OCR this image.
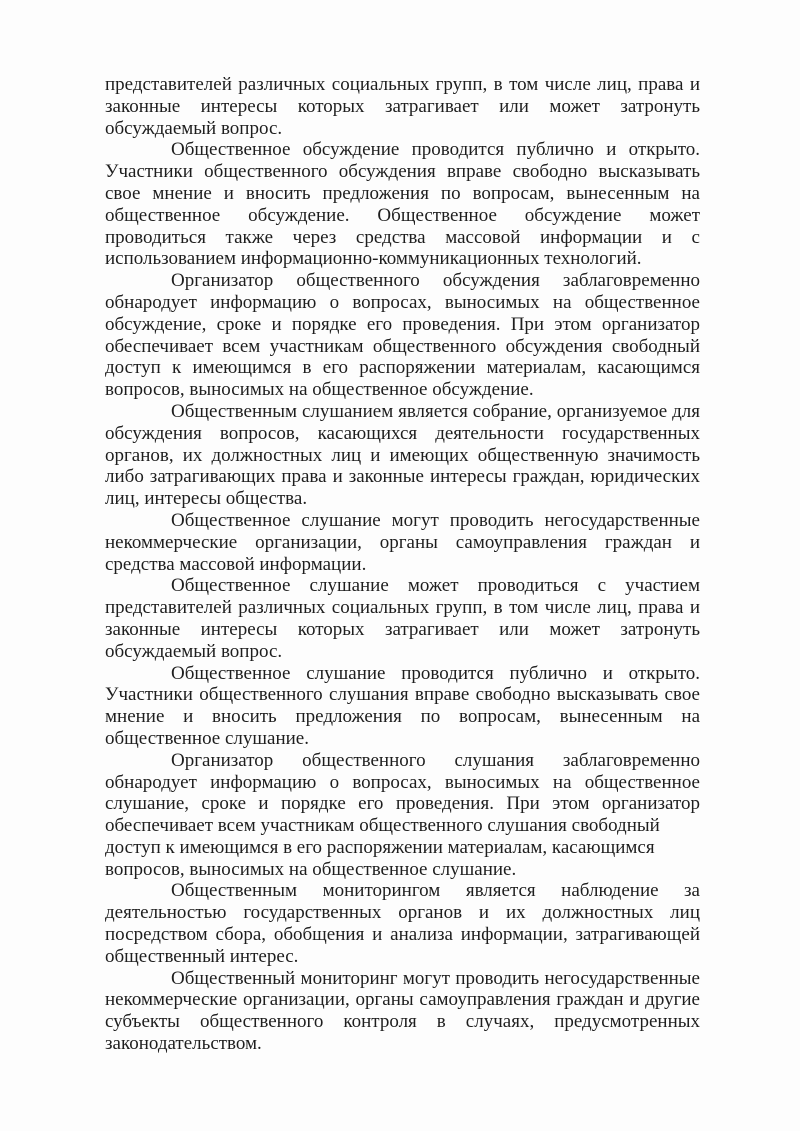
представителей различных социальных групп, в том числе лиц, права и
законные интересы которых затрагивает или может затронуть
обсуждаемый вопрос.
Общественное обсуждение проводится публично и открыто.
Участники общественного обсуждения вправе свободно высказывать
свое мнение и вносить предложения по вопросам, вынесенным на
общественное обсуждение. Общественное обсуждение может
проводиться также через средства массовой информации и с
использованием информационно-коммуникационных технологий.
Организатор общественного обсуждения заблаговременно
обнародует информацию о вопросах, выносимых на общественное
обсуждение, сроке и порядке его проведения. При этом организатор
обеспечивает всем участникам общественного обсуждения свободный
доступ к имеющимся в его распоряжении материалам, касающимся
вопросов, выносимых на общественное обсуждение.
Общественным слушанием является собрание, организуемое для
обсуждения вопросов, касающихся деятельности государственных
органов, их должностных лиц и имеющих общественную значимость
либо затрагивающих права и законные интересы граждан, юридических
лиц, интересы общества.
Общественное слушание могут проводить негосударственные
некоммерческие организации, органы самоуправления граждан и
средства массовой информации.
Общественное слушание может проводиться с участием
представителей различных социальных групп, в том числе лиц, права и
законные интересы которых затрагивает или может затронуть
обсуждаемый вопрос.
Общественное слушание проводится публично и открыто.
Участники общественного слушания вправе свободно высказывать свое
мнение и вносить предложения по вопросам, вынесенным на
общественное слушание.
Организатор общественного слушания заблаговременно
обнародует информацию о вопросах, выносимых на общественное
слушание, сроке и порядке его проведения. При этом организатор
обеспечивает всем участникам общественного слушания свободный
доступ к имеющимся в его распоряжении материалам, касающимся
вопросов, выносимых на общественное слушание.
Общественным мониторингом является наблюдение за
деятельностью государственных органов и их должностных лиц
посредством сбора, обобщения и анализа информации, затрагивающей
общественный интерес.
Общественный мониторинг могут проводить негосударственные
некоммерческие организации, органы самоуправления граждан и другие
субъекты общественного контроля в случаях, предусмотренных
законодательством.
